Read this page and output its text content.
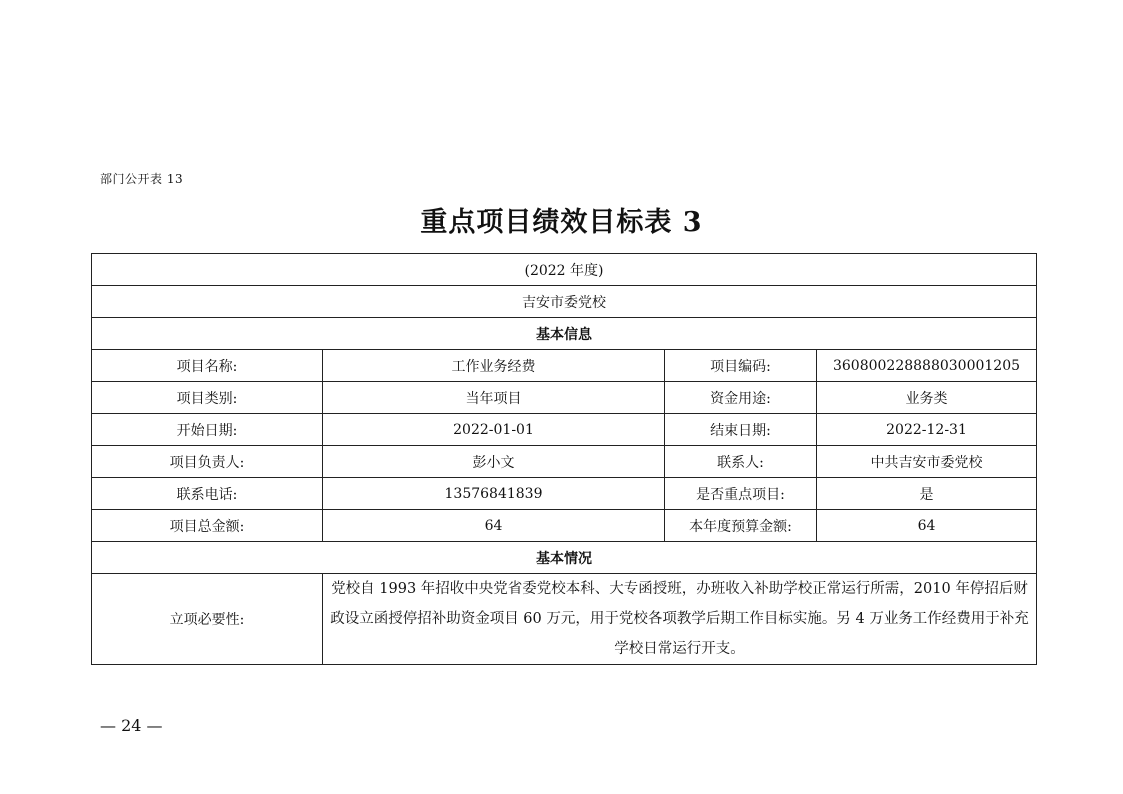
部门公开表 13
重点项目绩效目标表 3
(2022 年度)			
吉安市委党校			
基本信息			
项目名称:	工作业务经费	项目编码:	360800228888030001205
项目类别:	当年项目	资金用途:	业务类
开始日期:	2022-01-01	结束日期:	2022-12-31
项目负责人:	彭小文	联系人:	中共吉安市委党校
联系电话:	13576841839	是否重点项目:	是
项目总金额:	64	本年度预算金额:	64
基本情况			
立项必要性:	党校自 1993 年招收中央党省委党校本科、大专函授班，办班收入补助学校正常运行所需，2010 年停招后财政设立函授停招补助资金项目 60 万元，用于党校各项教学后期工作目标实施。另 4 万业务工作经费用于补充学校日常运行开支。		
— 24 —
